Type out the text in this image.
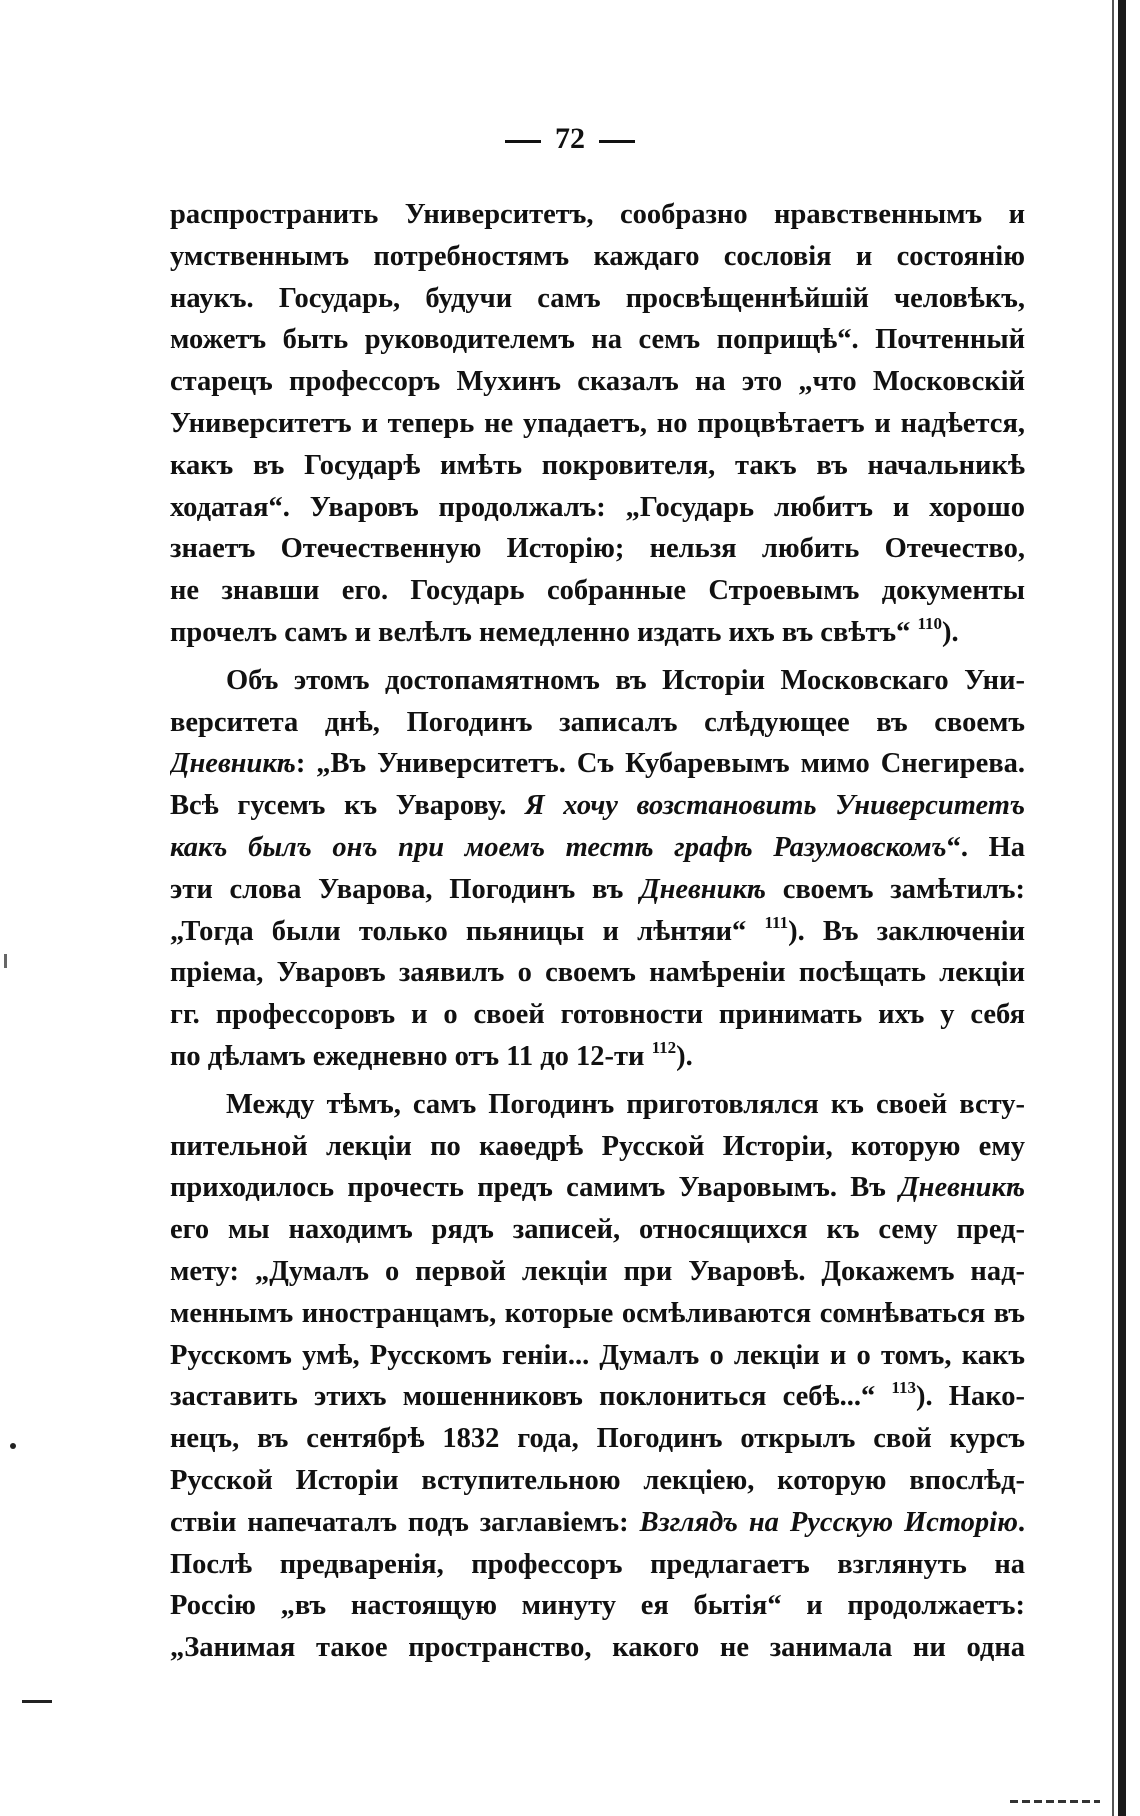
72
распространить Университетъ, сообразно нравственнымъ и
умственнымъ потребностямъ каждаго сословія и состоянію
наукъ. Государь, будучи самъ просвѣщеннѣйшій человѣкъ,
можетъ быть руководителемъ на семъ поприщѣ“. Почтенный
старецъ профессоръ Мухинъ сказалъ на это „что Московскій
Университетъ и теперь не упадаетъ, но процвѣтаетъ и надѣется,
какъ въ Государѣ имѣть покровителя, такъ въ начальникѣ
ходатая“. Уваровъ продолжалъ: „Государь любитъ и хорошо
знаетъ Отечественную Исторію; нельзя любить Отечество,
не знавши его. Государь собранные Строевымъ документы
прочелъ самъ и велѣлъ немедленно издать ихъ въ свѣтъ“ $^{110}$).
Объ этомъ достопамятномъ въ Исторіи Московскаго Уни-
верситета днѣ, Погодинъ записалъ слѣдующее въ своемъ
Дневникѣ: „Въ Университетъ. Съ Кубаревымъ мимо Снегирева.
Всѣ гусемъ къ Уварову. Я хочу возстановить Университетъ
какъ былъ онъ при моемъ тестѣ графѣ Разумовскомъ“. На
эти слова Уварова, Погодинъ въ Дневникѣ своемъ замѣтилъ:
„Тогда были только пьяницы и лѣнтяи“ $^{111}$). Въ заключеніи
пріема, Уваровъ заявилъ о своемъ намѣреніи посѣщать лекціи
гг. профессоровъ и о своей готовности принимать ихъ у себя
по дѣламъ ежедневно отъ 11 до 12-ти $^{112}$).
Между тѣмъ, самъ Погодинъ приготовлялся къ своей всту-
пительной лекціи по каѳедрѣ Русской Исторіи, которую ему
приходилось прочесть предъ самимъ Уваровымъ. Въ Дневникѣ
его мы находимъ рядъ записей, относящихся къ сему пред-
мету: „Думалъ о первой лекціи при Уваровѣ. Докажемъ над-
меннымъ иностранцамъ, которые осмѣливаются сомнѣваться въ
Русскомъ умѣ, Русскомъ геніи... Думалъ о лекціи и о томъ, какъ
заставить этихъ мошенниковъ поклониться себѣ...“ $^{113}$). Нако-
нецъ, въ сентябрѣ 1832 года, Погодинъ открылъ свой курсъ
Русской Исторіи вступительною лекціею, которую впослѣд-
ствіи напечаталъ подъ заглавіемъ: Взглядъ на Русскую Исторію.
Послѣ предваренія, профессоръ предлагаетъ взглянуть на
Россію „въ настоящую минуту ея бытія“ и продолжаетъ:
„Занимая такое пространство, какого не занимала ни одна
